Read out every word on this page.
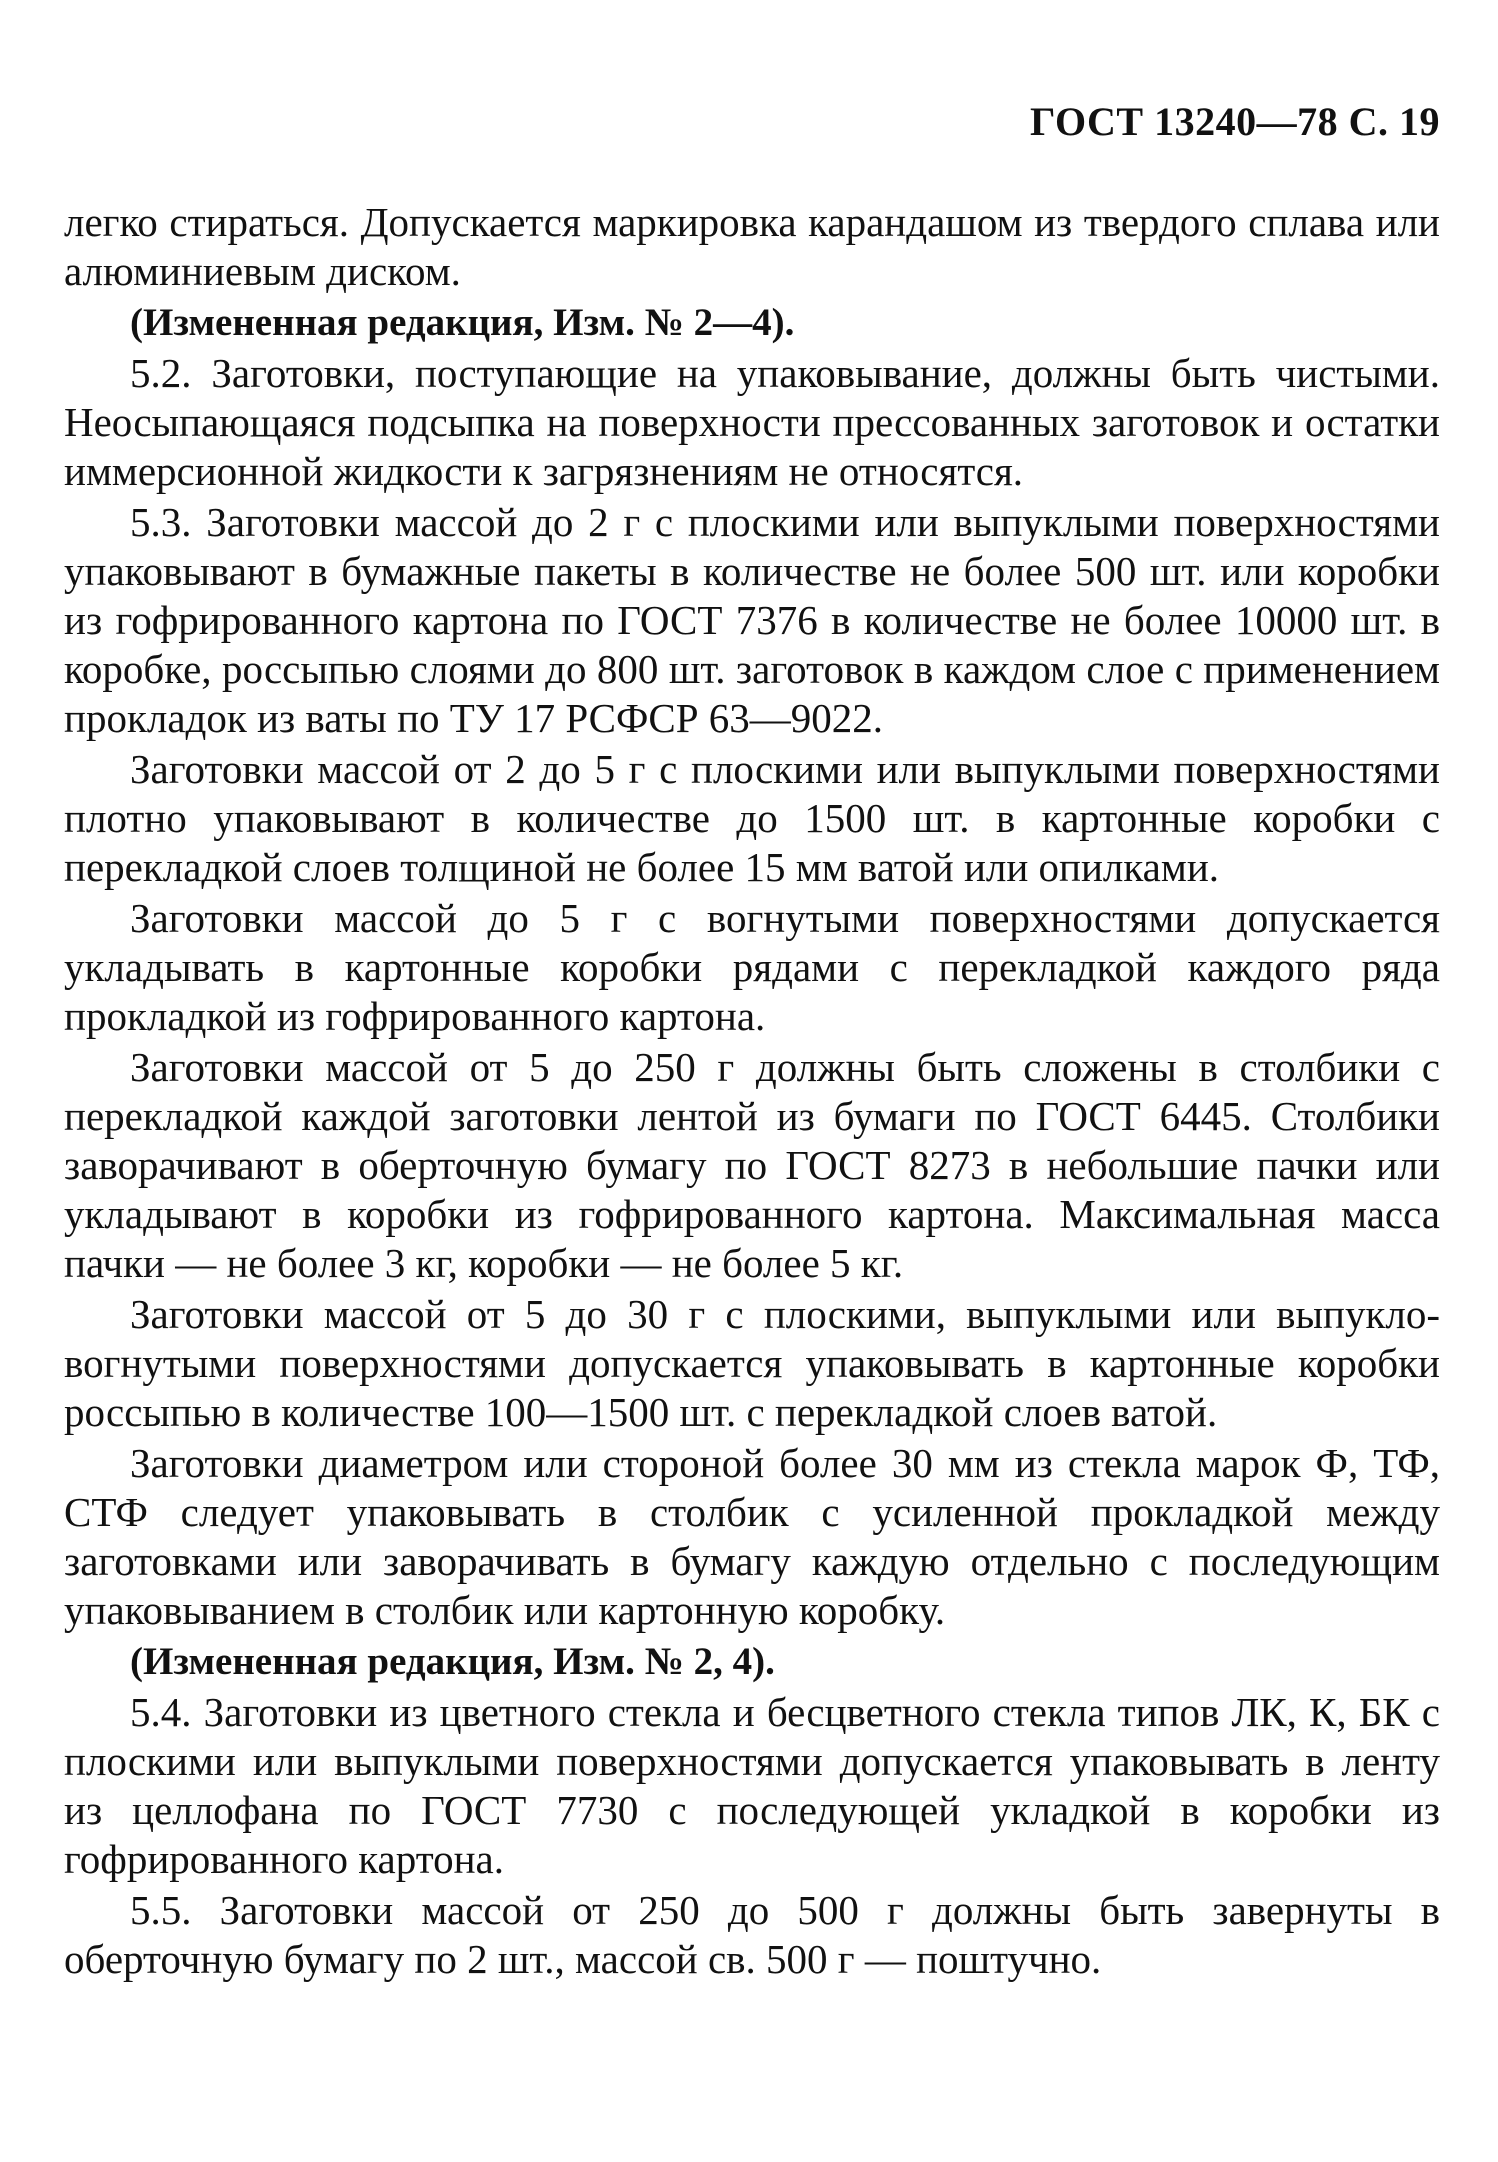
ГОСТ 13240—78 С. 19

легко стираться. Допускается маркировка карандашом из твердого сплава или алюминиевым диском.

(Измененная редакция, Изм. № 2—4).

5.2. Заготовки, поступающие на упаковывание, должны быть чистыми. Неосыпающаяся подсыпка на поверхности прессованных заготовок и остатки иммерсионной жидкости к загрязнениям не относятся.

5.3. Заготовки массой до 2 г с плоскими или выпуклыми поверхностями упаковывают в бумажные пакеты в количестве не более 500 шт. или коробки из гофрированного картона по ГОСТ 7376 в количестве не более 10000 шт. в коробке, россыпью слоями до 800 шт. заготовок в каждом слое с применением прокладок из ваты по ТУ 17 РСФСР 63—9022.

Заготовки массой от 2 до 5 г с плоскими или выпуклыми поверхностями плотно упаковывают в количестве до 1500 шт. в картонные коробки с перекладкой слоев толщиной не более 15 мм ватой или опилками.

Заготовки массой до 5 г с вогнутыми поверхностями допускается укладывать в картонные коробки рядами с перекладкой каждого ряда прокладкой из гофрированного картона.

Заготовки массой от 5 до 250 г должны быть сложены в столбики с перекладкой каждой заготовки лентой из бумаги по ГОСТ 6445. Столбики заворачивают в оберточную бумагу по ГОСТ 8273 в небольшие пачки или укладывают в коробки из гофрированного картона. Максимальная масса пачки — не более 3 кг, коробки — не более 5 кг.

Заготовки массой от 5 до 30 г с плоскими, выпуклыми или выпукло-вогнутыми поверхностями допускается упаковывать в картонные коробки россыпью в количестве 100—1500 шт. с перекладкой слоев ватой.

Заготовки диаметром или стороной более 30 мм из стекла марок Ф, ТФ, СТФ следует упаковывать в столбик с усиленной прокладкой между заготовками или заворачивать в бумагу каждую отдельно с последующим упаковыванием в столбик или картонную коробку.

(Измененная редакция, Изм. № 2, 4).

5.4. Заготовки из цветного стекла и бесцветного стекла типов ЛК, К, БК с плоскими или выпуклыми поверхностями допускается упаковывать в ленту из целлофана по ГОСТ 7730 с последующей укладкой в коробки из гофрированного картона.

5.5. Заготовки массой от 250 до 500 г должны быть завернуты в оберточную бумагу по 2 шт., массой св. 500 г — поштучно.
